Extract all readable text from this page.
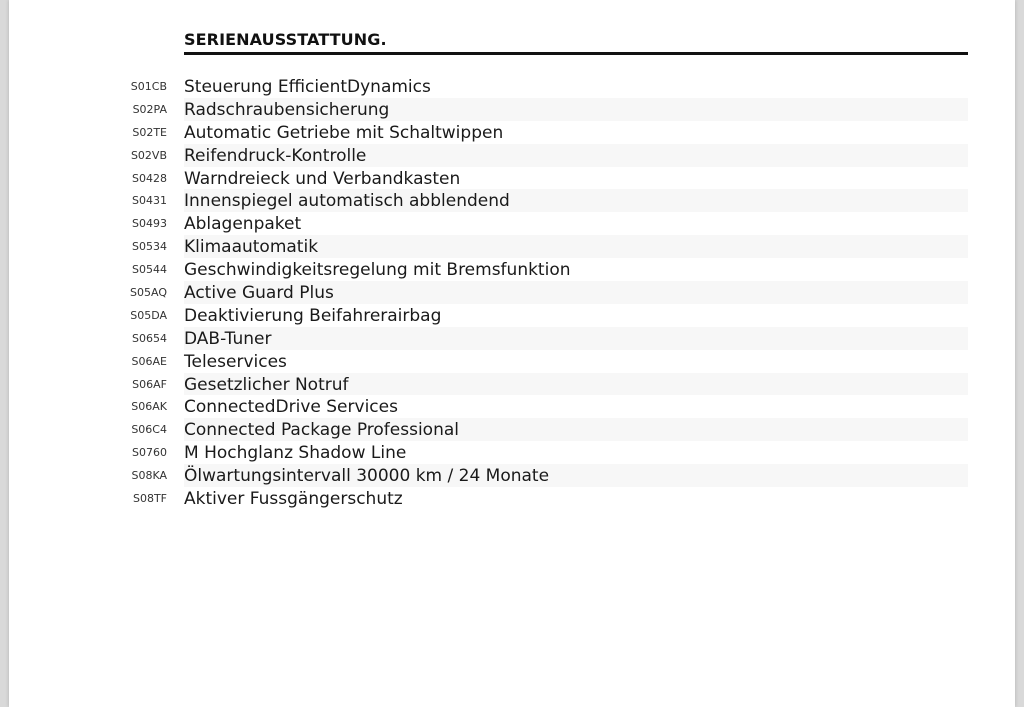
SERIENAUSSTATTUNG.
S01CB Steuerung EfficientDynamics
S02PA Radschraubensicherung
S02TE Automatic Getriebe mit Schaltwippen
S02VB Reifendruck-Kontrolle
S0428 Warndreieck und Verbandkasten
S0431 Innenspiegel automatisch abblendend
S0493 Ablagenpaket
S0534 Klimaautomatik
S0544 Geschwindigkeitsregelung mit Bremsfunktion
S05AQ Active Guard Plus
S05DA Deaktivierung Beifahrerairbag
S0654 DAB-Tuner
S06AE Teleservices
S06AF Gesetzlicher Notruf
S06AK ConnectedDrive Services
S06C4 Connected Package Professional
S0760 M Hochglanz Shadow Line
S08KA Ölwartungsintervall 30000 km / 24 Monate
S08TF Aktiver Fussgängerschutz
